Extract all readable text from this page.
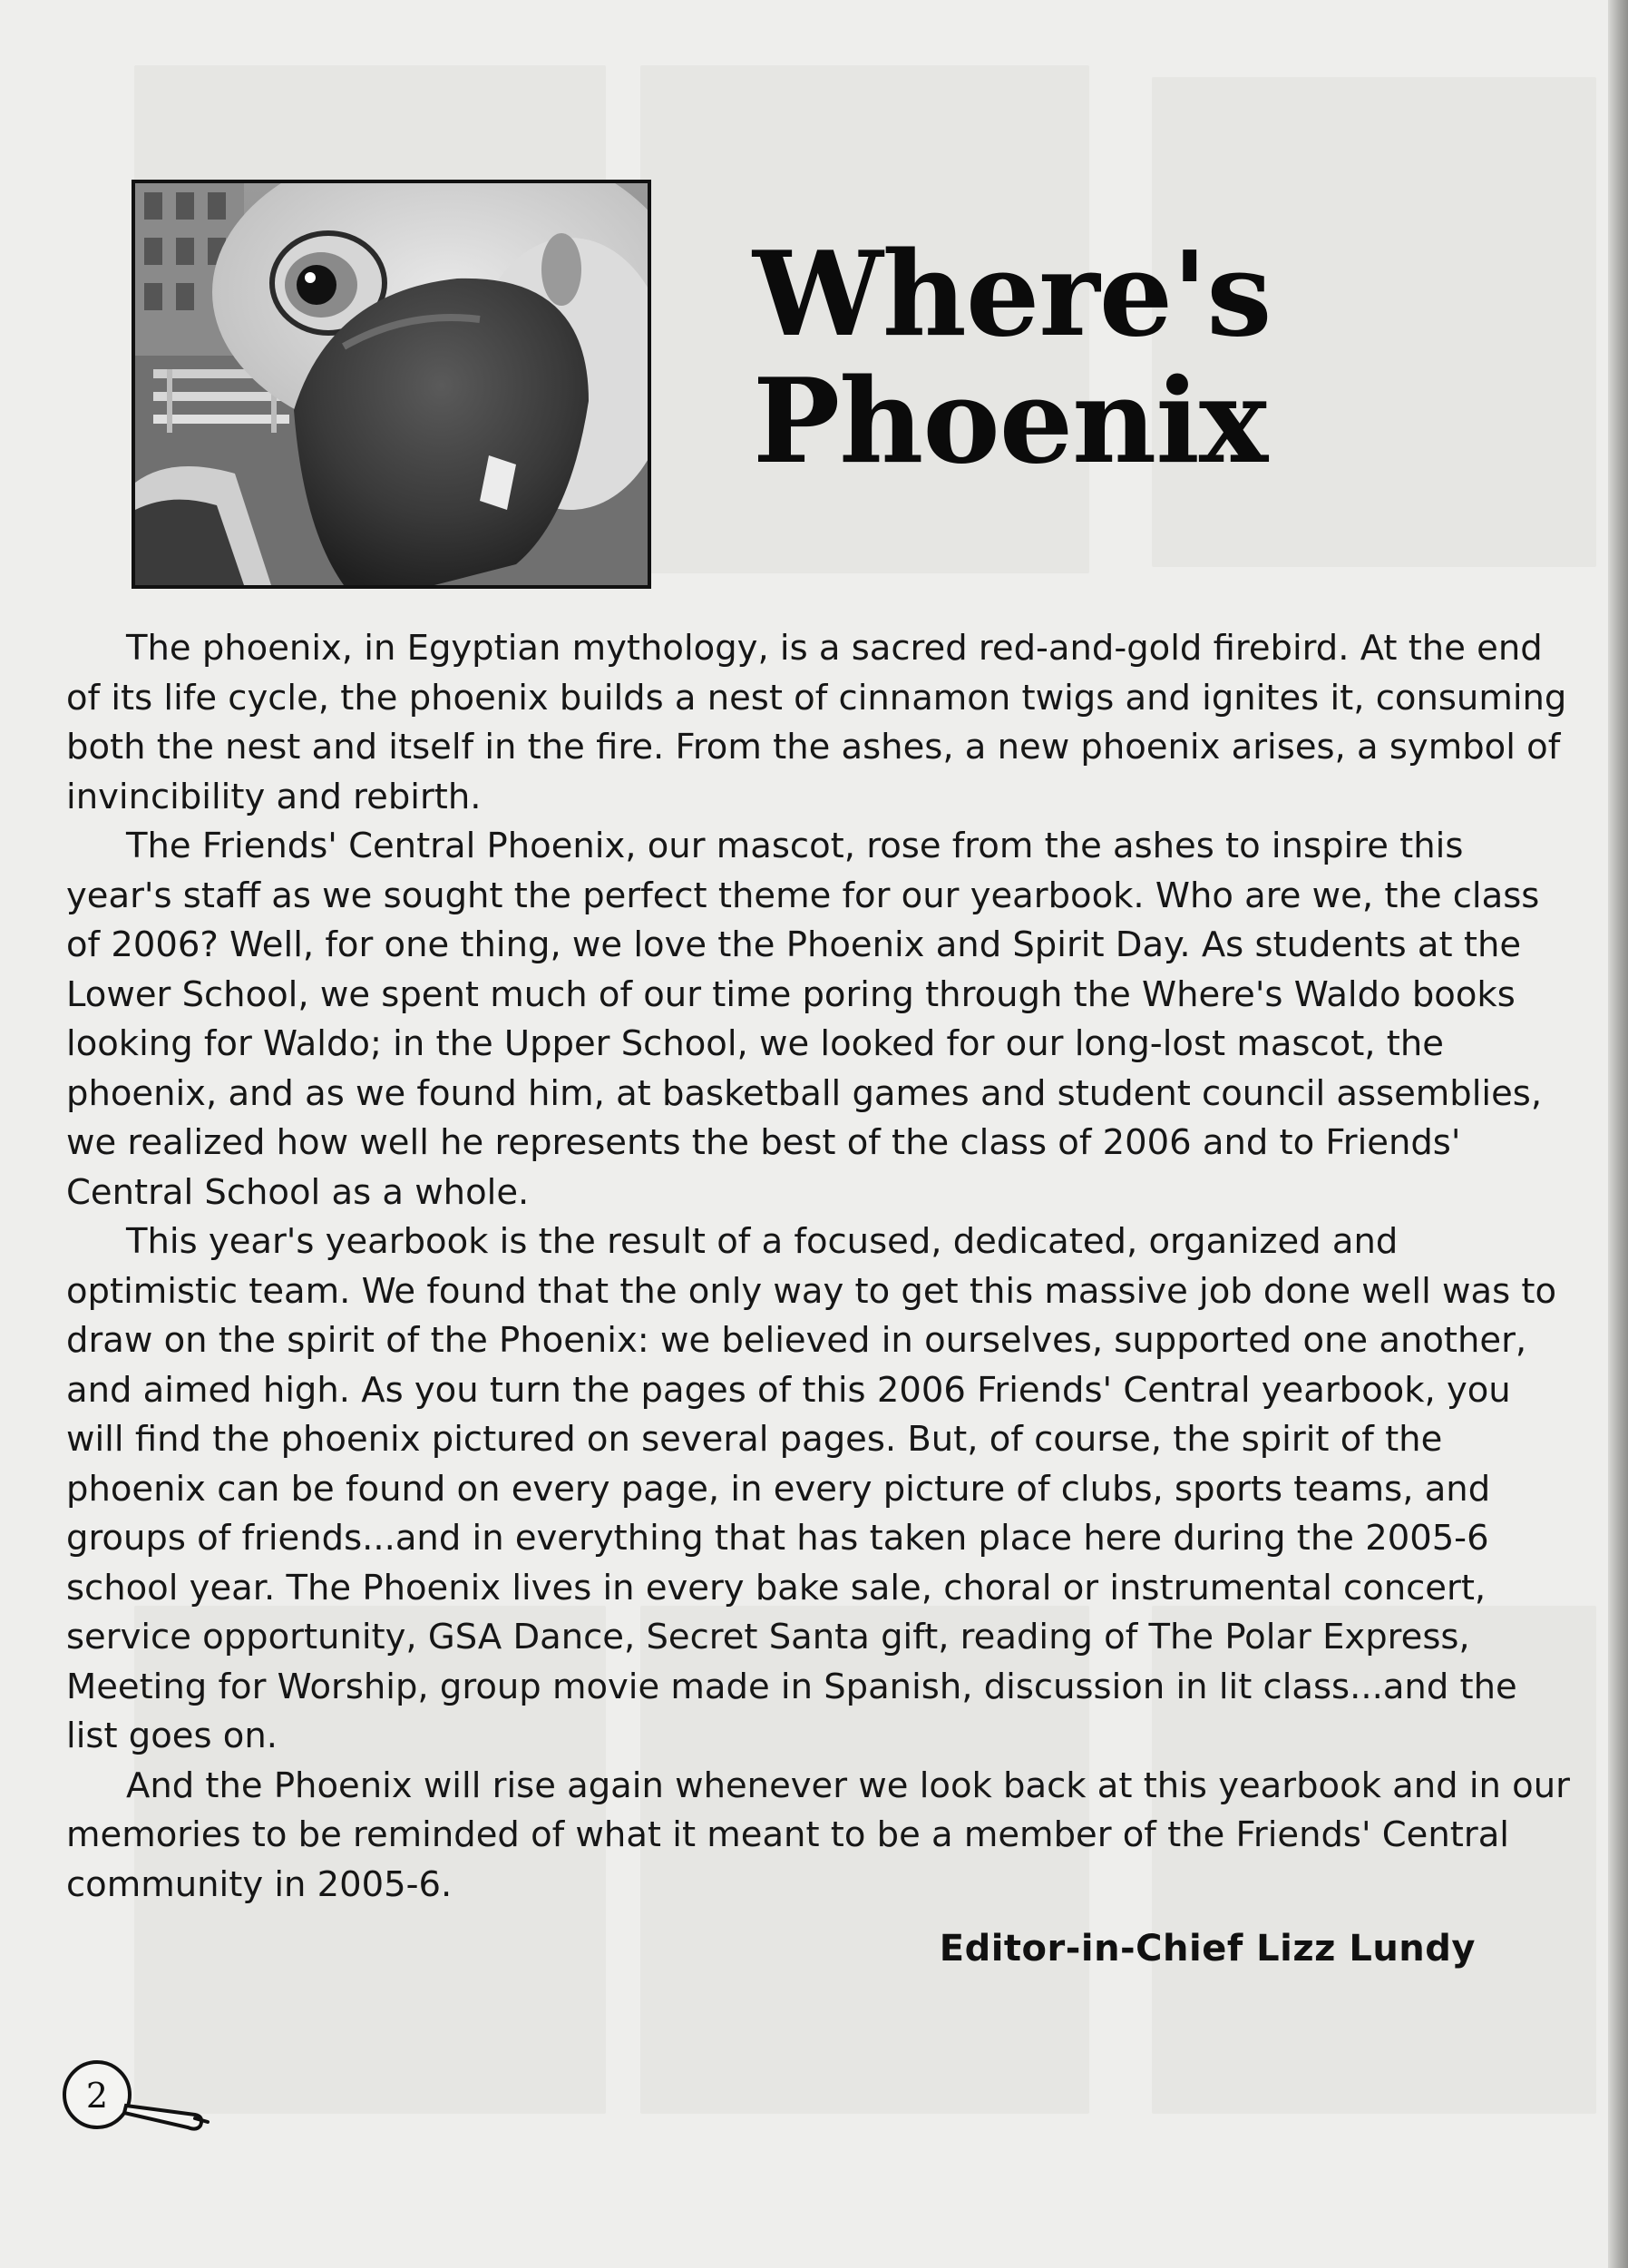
Where's
Phoenix

The phoenix, in Egyptian mythology, is a sacred red-and-gold firebird. At the end of its life cycle, the phoenix builds a nest of cinnamon twigs and ignites it, consuming both the nest and itself in the fire. From the ashes, a new phoenix arises, a symbol of invincibility and rebirth.

The Friends' Central Phoenix, our mascot, rose from the ashes to inspire this year's staff as we sought the perfect theme for our yearbook. Who are we, the class of 2006? Well, for one thing, we love the Phoenix and Spirit Day. As students at the Lower School, we spent much of our time poring through the Where's Waldo books looking for Waldo; in the Upper School, we looked for our long-lost mascot, the phoenix, and as we found him, at basketball games and student council assemblies, we realized how well he represents the best of the class of 2006 and to Friends' Central School as a whole.

This year's yearbook is the result of a focused, dedicated, organized and optimistic team. We found that the only way to get this massive job done well was to draw on the spirit of the Phoenix: we believed in ourselves, supported one another, and aimed high. As you turn the pages of this 2006 Friends' Central yearbook, you will find the phoenix pictured on several pages. But, of course, the spirit of the phoenix can be found on every page, in every picture of clubs, sports teams, and groups of friends...and in everything that has taken place here during the 2005-6 school year. The Phoenix lives in every bake sale, choral or instrumental concert, service opportunity, GSA Dance, Secret Santa gift, reading of The Polar Express, Meeting for Worship, group movie made in Spanish, discussion in lit class...and the list goes on.

And the Phoenix will rise again whenever we look back at this yearbook and in our memories to be reminded of what it meant to be a member of the Friends' Central community in 2005-6.

Editor-in-Chief Lizz Lundy
2
